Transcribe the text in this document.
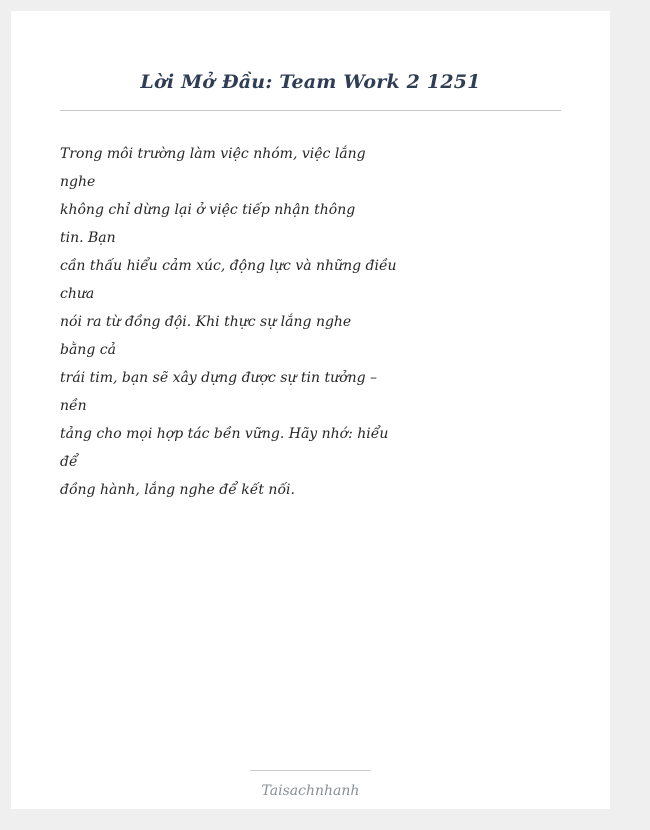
Lời Mở Đầu: Team Work 2 1251
Trong môi trường làm việc nhóm, việc lắng
nghe
không chỉ dừng lại ở việc tiếp nhận thông
tin. Bạn
cần thấu hiểu cảm xúc, động lực và những điều
chưa
nói ra từ đồng đội. Khi thực sự lắng nghe
bằng cả
trái tim, bạn sẽ xây dựng được sự tin tưởng –
nền
tảng cho mọi hợp tác bền vững. Hãy nhớ: hiểu
để
đồng hành, lắng nghe để kết nối.
Taisachnhanh
